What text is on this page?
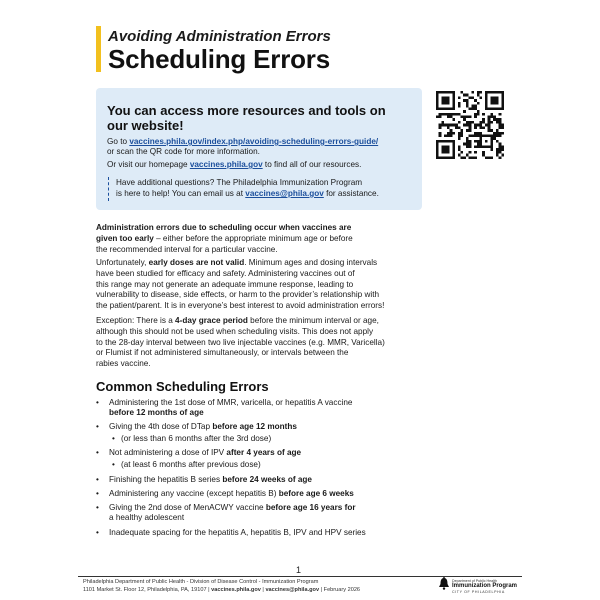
Avoiding Administration Errors
Scheduling Errors
You can access more resources and tools on our website!
Go to vaccines.phila.gov/index.php/avoiding-scheduling-errors-guide/
or scan the QR code for more information.
Or visit our homepage vaccines.phila.gov to find all of our resources.
Have additional questions? The Philadelphia Immunization Program
is here to help! You can email us at vaccines@phila.gov for assistance.
Administration errors due to scheduling occur when vaccines are
given too early – either before the appropriate minimum age or before
the recommended interval for a particular vaccine.
Unfortunately, early doses are not valid. Minimum ages and dosing intervals
have been studied for efficacy and safety. Administering vaccines out of
this range may not generate an adequate immune response, leading to
vulnerability to disease, side effects, or harm to the provider’s relationship with
the patient/parent. It is in everyone’s best interest to avoid administration errors!
Exception: There is a 4-day grace period before the minimum interval or age,
although this should not be used when scheduling visits. This does not apply
to the 28-day interval between two live injectable vaccines (e.g. MMR, Varicella)
or Flumist if not administered simultaneously, or intervals between the
rabies vaccine.
Common Scheduling Errors
• Administering the 1st dose of MMR, varicella, or hepatitis A vaccine
before 12 months of age
• Giving the 4th dose of DTap before age 12 months
• (or less than 6 months after the 3rd dose)
• Not administering a dose of IPV after 4 years of age
• (at least 6 months after previous dose)
• Finishing the hepatitis B series before 24 weeks of age
• Administering any vaccine (except hepatitis B) before age 6 weeks
• Giving the 2nd dose of MenACWY vaccine before age 16 years for
a healthy adolescent
• Inadequate spacing for the hepatitis A, hepatitis B, IPV and HPV series
1
Philadelphia Department of Public Health - Division of Disease Control - Immunization Program
1101 Market St. Floor 12, Philadelphia, PA, 19107 | vaccines.phila.gov | vaccines@phila.gov | February 2026
Department of Public Health
Immunization Program
CITY OF PHILADELPHIA
